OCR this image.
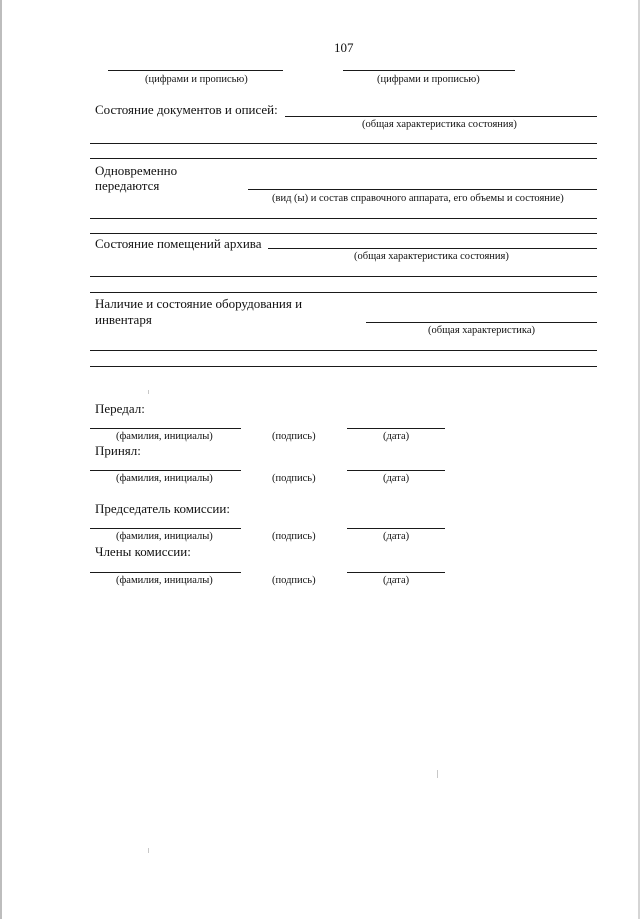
107
(цифрами и прописью)	(цифрами и прописью)
Состояние документов и описей:
(общая характеристика состояния)
Одновременно
передаются
(вид (ы) и состав справочного аппарата, его объемы и состояние)
Состояние помещений архива
(общая характеристика состояния)
Наличие и состояние оборудования и
инвентаря
(общая характеристика)
Передал:
(фамилия, инициалы)	(подпись)	(дата)
Принял:
(фамилия, инициалы)	(подпись)	(дата)
Председатель комиссии:
(фамилия, инициалы)	(подпись)	(дата)
Члены комиссии:
(фамилия, инициалы)	(подпись)	(дата)
